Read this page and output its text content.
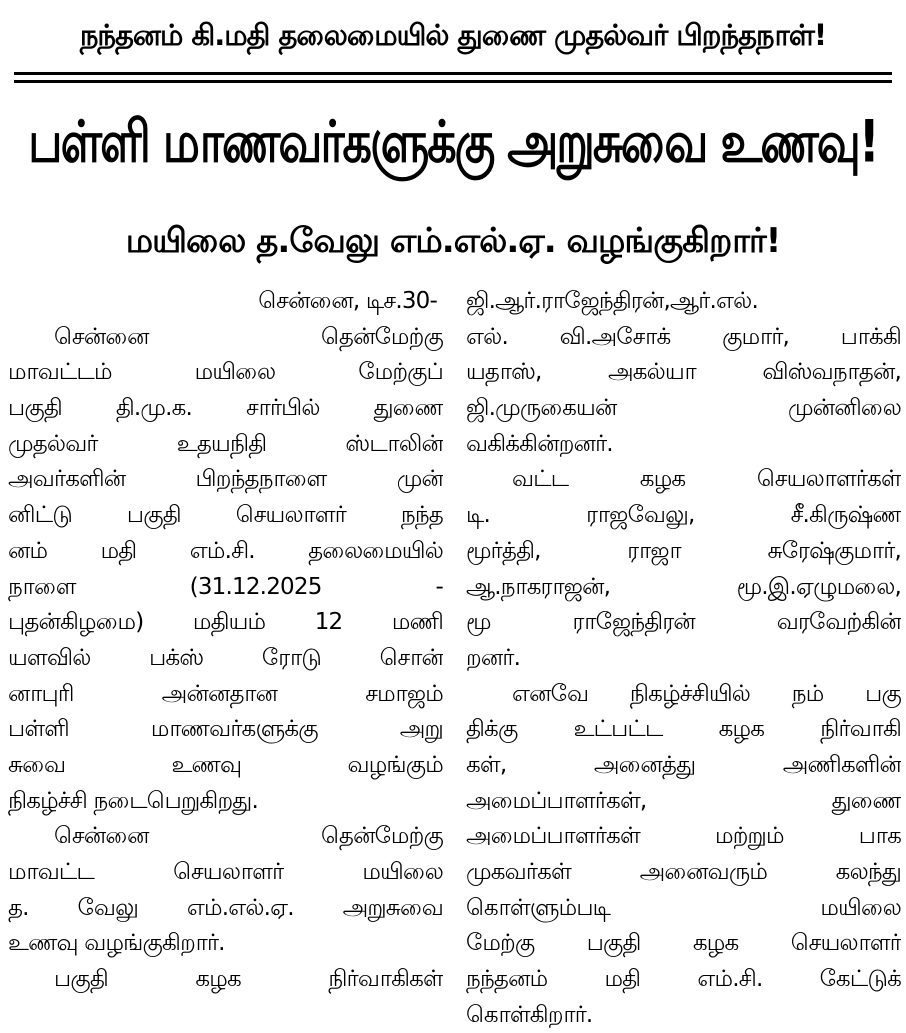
நந்தனம் கி.மதி தலைமையில் துணை முதல்வர் பிறந்தநாள்!
பள்ளி மாணவர்களுக்கு அறுசுவை உணவு!
மயிலை த.வேலு எம்.எல்.ஏ. வழங்குகிறார்!
சென்னை, டிச.30-
சென்னை தென்மேற்கு
மாவட்டம் மயிலை மேற்குப்
பகுதி தி.மு.க. சார்பில் துணை
முதல்வர் உதயநிதி ஸ்டாலின்
அவர்களின் பிறந்தநாளை முன்
னிட்டு பகுதி செயலாளர் நந்த
னம் மதி எம்.சி. தலைமையில்
நாளை (31.12.2025 -
புதன்கிழமை) மதியம் 12 மணி
யளவில் பக்ஸ் ரோடு சொன்
னாபுரி அன்னதான சமாஜம்
பள்ளி மாணவர்களுக்கு அறு
சுவை உணவு வழங்கும்
நிகழ்ச்சி நடைபெறுகிறது.
சென்னை தென்மேற்கு
மாவட்ட செயலாளர் மயிலை
த. வேலு எம்.எல்.ஏ. அறுசுவை
உணவு வழங்குகிறார்.
பகுதி கழக நிர்வாகிகள்
ஜி.ஆர்.ராஜேந்திரன்,ஆர்.எல்.
எல். வி.அசோக் குமார், பாக்கி
யதாஸ், அகல்யா விஸ்வநாதன்,
ஜி.முருகையன் முன்னிலை
வகிக்கின்றனர்.
வட்ட கழக செயலாளர்கள்
டி. ராஜவேலு, சீ.கிருஷ்ண
மூர்த்தி, ராஜா சுரேஷ்குமார்,
ஆ.நாகராஜன், மூ.இ.ஏழுமலை,
மூ ராஜேந்திரன் வரவேற்கின்
றனர்.
எனவே நிகழ்ச்சியில் நம் பகு
திக்கு உட்பட்ட கழக நிர்வாகி
கள், அனைத்து அணிகளின்
அமைப்பாளர்கள், துணை
அமைப்பாளர்கள் மற்றும் பாக
முகவர்கள் அனைவரும் கலந்து
கொள்ளும்படி மயிலை
மேற்கு பகுதி கழக செயலாளர்
நந்தனம் மதி எம்.சி. கேட்டுக்
கொள்கிறார்.
